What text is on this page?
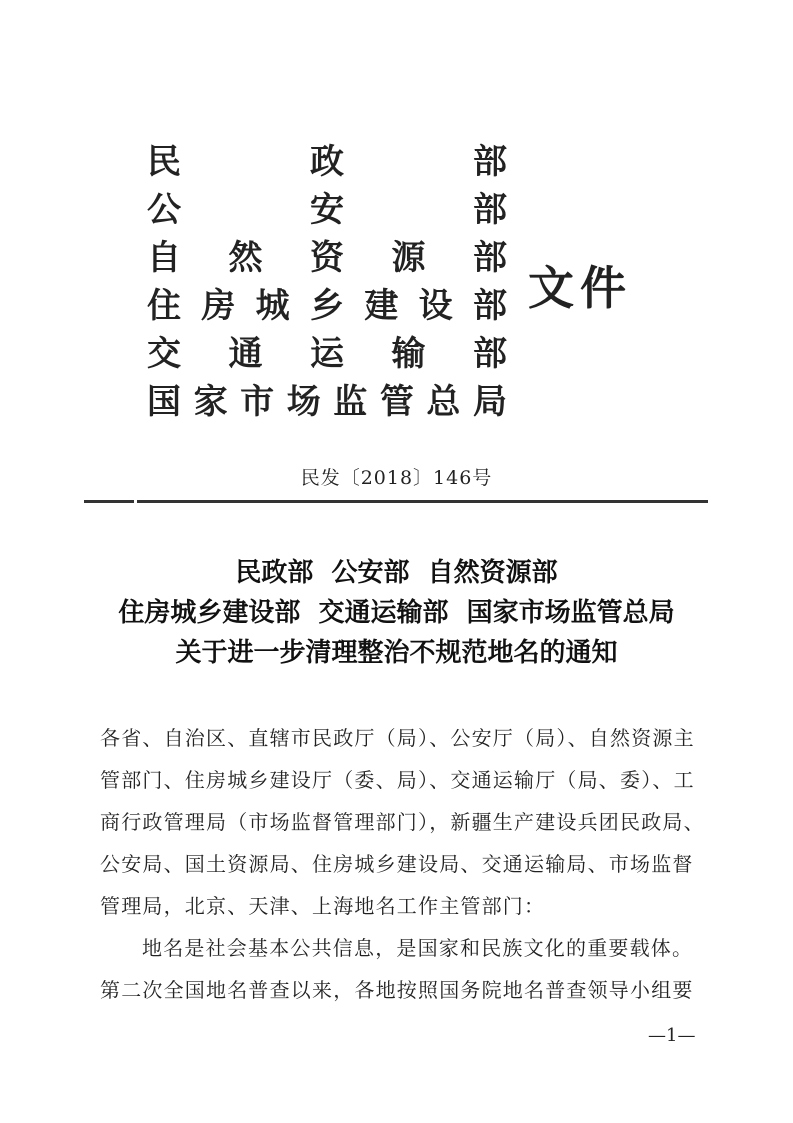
民	政	部
公	安	部
自 然 资 源 部
住 房 城 乡 建 设 部
交 通 运 输 部
国 家 市 场 监 管 总 局
文件
民发〔2018〕146号
民政部  公安部  自然资源部
住房城乡建设部  交通运输部  国家市场监管总局
关于进一步清理整治不规范地名的通知

各省、自治区、直辖市民政厅（局）、公安厅（局）、自然资源主
管部门、住房城乡建设厅（委、局）、交通运输厅（局、委）、工
商行政管理局（市场监督管理部门），新疆生产建设兵团民政局、
公安局、国土资源局、住房城乡建设局、交通运输局、市场监督
管理局，北京、天津、上海地名工作主管部门：

地名是社会基本公共信息，是国家和民族文化的重要载体。
第二次全国地名普查以来，各地按照国务院地名普查领导小组要

—1—
